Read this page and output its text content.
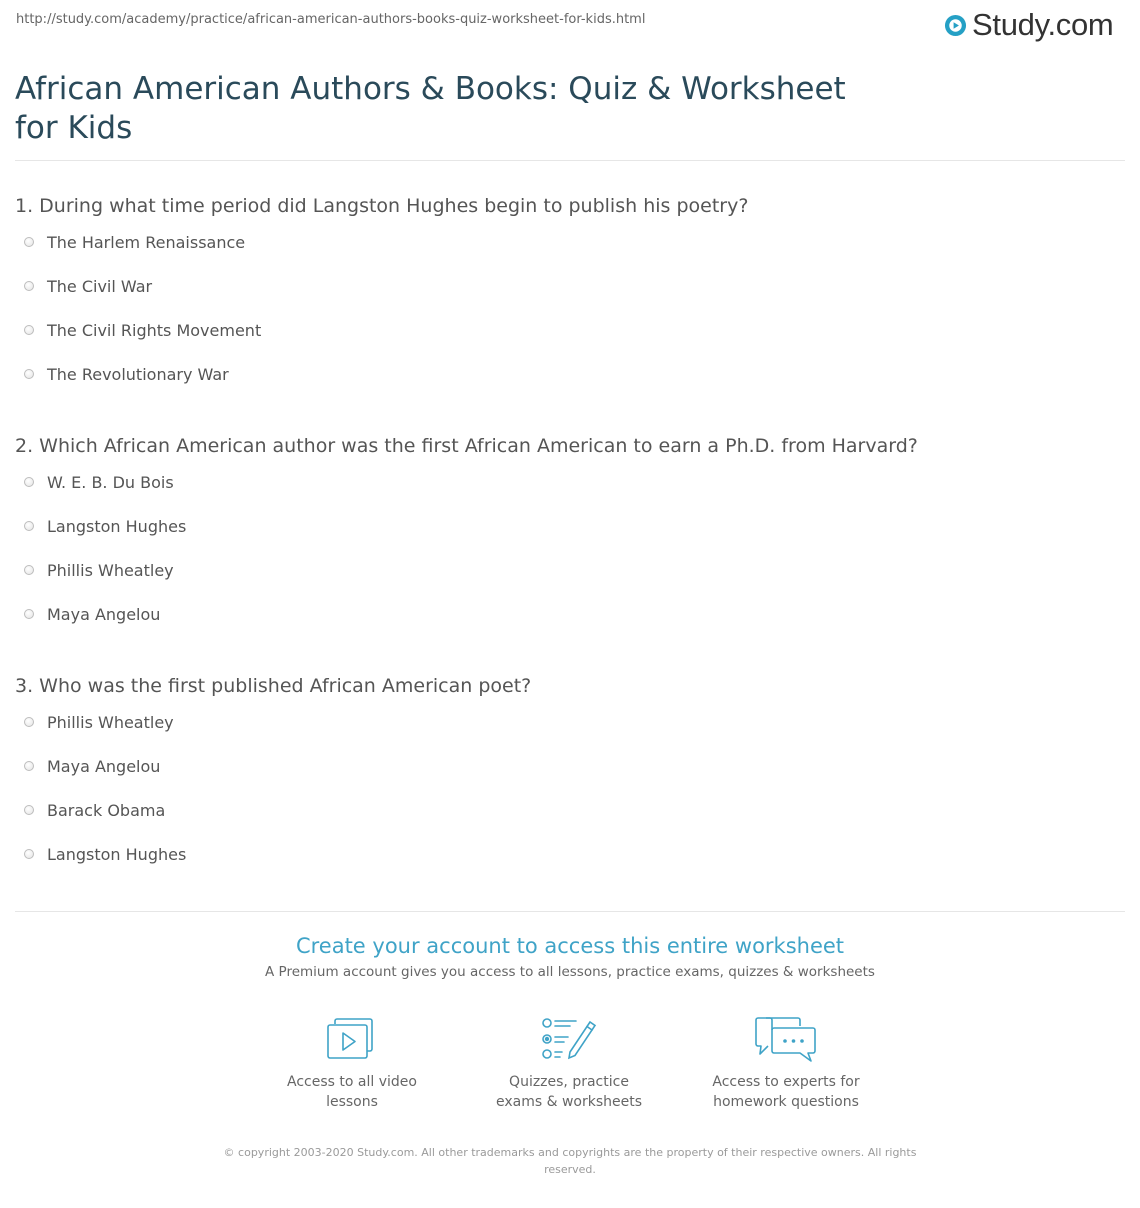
http://study.com/academy/practice/african-american-authors-books-quiz-worksheet-for-kids.html	Study.com
African American Authors & Books: Quiz & Worksheet for Kids
1. During what time period did Langston Hughes begin to publish his poetry?
The Harlem Renaissance
The Civil War
The Civil Rights Movement
The Revolutionary War
2. Which African American author was the first African American to earn a Ph.D. from Harvard?
W. E. B. Du Bois
Langston Hughes
Phillis Wheatley
Maya Angelou
3. Who was the first published African American poet?
Phillis Wheatley
Maya Angelou
Barack Obama
Langston Hughes
Create your account to access this entire worksheet
A Premium account gives you access to all lessons, practice exams, quizzes & worksheets
Access to all video lessons
Quizzes, practice exams & worksheets
Access to experts for homework questions
© copyright 2003-2020 Study.com. All other trademarks and copyrights are the property of their respective owners. All rights reserved.
